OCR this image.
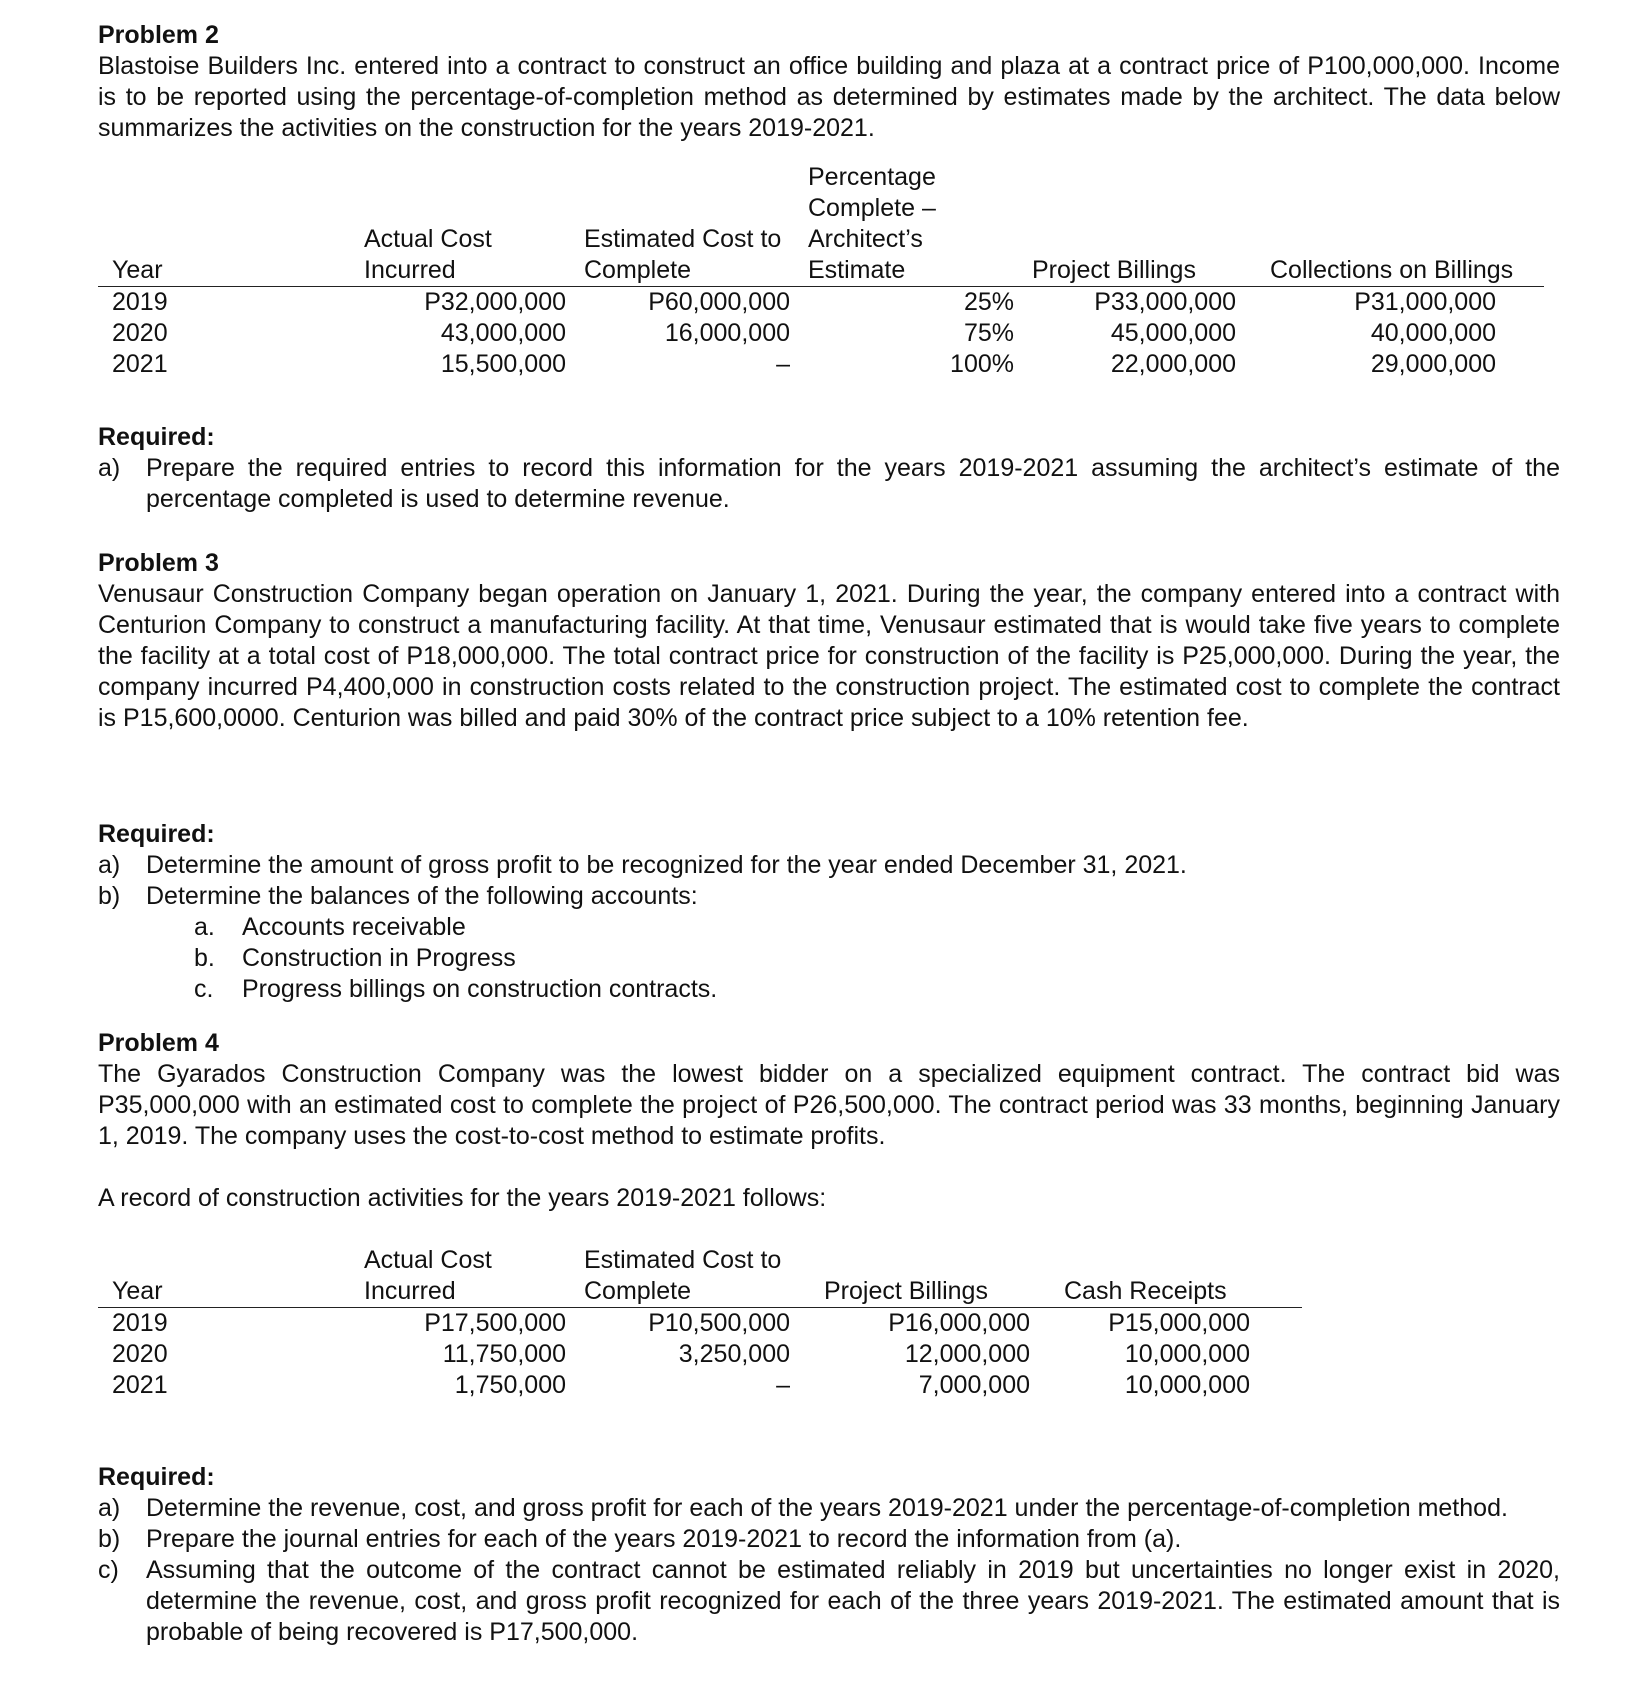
Problem 2
Blastoise Builders Inc. entered into a contract to construct an office building and plaza at a contract price of P100,000,000. Income is to be reported using the percentage-of-completion method as determined by estimates made by the architect. The data below summarizes the activities on the construction for the years 2019-2021.
Year	Actual Cost Incurred	Estimated Cost to Complete	Percentage Complete – Architect’s Estimate	Project Billings	Collections on Billings
2019	P32,000,000	P60,000,000	25%	P33,000,000	P31,000,000
2020	43,000,000	16,000,000	75%	45,000,000	40,000,000
2021	15,500,000	–	100%	22,000,000	29,000,000
Required:
a) Prepare the required entries to record this information for the years 2019-2021 assuming the architect’s estimate of the percentage completed is used to determine revenue.
Problem 3
Venusaur Construction Company began operation on January 1, 2021. During the year, the company entered into a contract with Centurion Company to construct a manufacturing facility. At that time, Venusaur estimated that is would take five years to complete the facility at a total cost of P18,000,000. The total contract price for construction of the facility is P25,000,000. During the year, the company incurred P4,400,000 in construction costs related to the construction project. The estimated cost to complete the contract is P15,600,0000. Centurion was billed and paid 30% of the contract price subject to a 10% retention fee.
Required:
a) Determine the amount of gross profit to be recognized for the year ended December 31, 2021.
b) Determine the balances of the following accounts:
a. Accounts receivable
b. Construction in Progress
c. Progress billings on construction contracts.
Problem 4
The Gyarados Construction Company was the lowest bidder on a specialized equipment contract. The contract bid was P35,000,000 with an estimated cost to complete the project of P26,500,000. The contract period was 33 months, beginning January 1, 2019. The company uses the cost-to-cost method to estimate profits.
A record of construction activities for the years 2019-2021 follows:
Year	Actual Cost Incurred	Estimated Cost to Complete	Project Billings	Cash Receipts
2019	P17,500,000	P10,500,000	P16,000,000	P15,000,000
2020	11,750,000	3,250,000	12,000,000	10,000,000
2021	1,750,000	–	7,000,000	10,000,000
Required:
a) Determine the revenue, cost, and gross profit for each of the years 2019-2021 under the percentage-of-completion method.
b) Prepare the journal entries for each of the years 2019-2021 to record the information from (a).
c) Assuming that the outcome of the contract cannot be estimated reliably in 2019 but uncertainties no longer exist in 2020, determine the revenue, cost, and gross profit recognized for each of the three years 2019-2021. The estimated amount that is probable of being recovered is P17,500,000.
